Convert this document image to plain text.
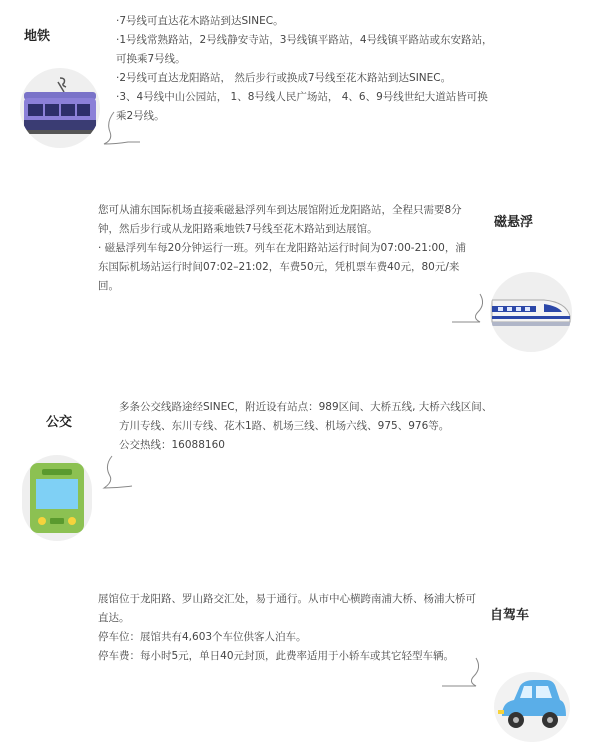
地铁

·7号线可直达花木路站到达SINEC。

·1号线常熟路站，2号线静安寺站，3号线镇平路站，4号线镇平路站或东安路站， 可换乘7号线。

·2号线可直达龙阳路站， 然后步行或换成7号线至花木路站到达SINEC。

·3、4号线中山公园站， 1、8号线人民广场站， 4、6、9号线世纪大道站皆可换乘2号线。

您可从浦东国际机场直接乘磁悬浮列车到达展馆附近龙阳路站，全程只需要8分钟，然后步行或从龙阳路乘地铁7号线至花木路站到达展馆。

· 磁悬浮列车每20分钟运行一班。列车在龙阳路站运行时间为07:00-21:00，浦东国际机场站运行时间07:02–21:02，车费50元，凭机票车费40元，80元/来回。

磁悬浮
公交

多条公交线路途经SINEC，附近设有站点：989区间、大桥五线, 大桥六线区间、方川专线、东川专线、花木1路、机场三线、机场六线、975、976等。

公交热线：16088160

展馆位于龙阳路、罗山路交汇处，易于通行。从市中心横跨南浦大桥、杨浦大桥可直达。

停车位：展馆共有4,603个车位供客人泊车。

停车费：每小时5元，单日40元封顶，此费率适用于小轿车或其它轻型车辆。

自驾车
